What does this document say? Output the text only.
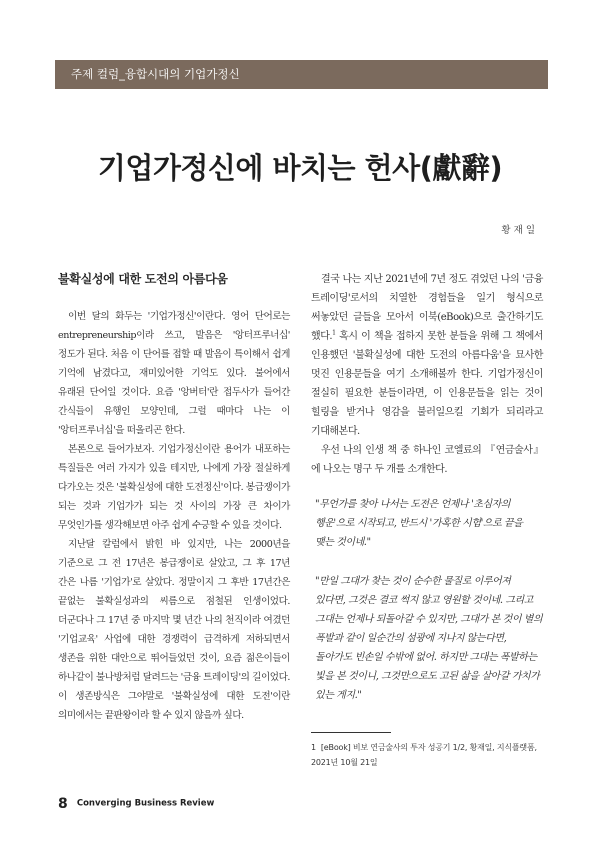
주제 컬럼_융합시대의 기업가정신
기업가정신에 바치는 헌사(獻辭)
황 재 일
불확실성에 대한 도전의 아름다움

이번 달의 화두는 '기업가정신'이란다. 영어 단어로는 entrepreneurship이라 쓰고, 발음은 '앙터프루너십' 정도가 된다. 처음 이 단어를 접할 때 발음이 특이해서 쉽게 기억에 남겼다고, 재미있어한 기억도 있다. 불어에서 유래된 단어일 것이다. 요즘 '앙버터'란 접두사가 들어간 간식들이 유행인 모양인데, 그럴 때마다 나는 이 '앙터프루너십'을 떠올리곤 한다.

본론으로 들어가보자. 기업가정신이란 용어가 내포하는 특질들은 여러 가지가 있을 테지만, 나에게 가장 절실하게 다가오는 것은 '불확실성에 대한 도전정신'이다. 봉급쟁이가 되는 것과 기업가가 되는 것 사이의 가장 큰 차이가 무엇인가를 생각해보면 아주 쉽게 수긍할 수 있을 것이다.

지난달 칼럼에서 밝힌 바 있지만, 나는 2000년을 기준으로 그 전 17년은 봉급쟁이로 살았고, 그 후 17년 간은 나름 '기업가'로 살았다. 정말이지 그 후반 17년간은 끝없는 불확실성과의 씨름으로 점철된 인생이었다. 더군다나 그 17년 중 마지막 몇 년간 나의 천직이라 여겼던 '기업교육' 사업에 대한 경쟁력이 급격하게 저하되면서 생존을 위한 대안으로 뛰어들었던 것이, 요즘 젊은이들이 하나같이 불나방처럼 달려드는 '금융 트레이딩'의 길이었다. 이 생존방식은 그야말로 '불확실성에 대한 도전'이란 의미에서는 끝판왕이라 할 수 있지 않을까 싶다.

결국 나는 지난 2021년에 7년 정도 겪었던 나의 '금융 트레이딩'로서의 치열한 경험들을 일기 형식으로 써놓았던 글들을 모아서 이북(eBook)으로 출간하기도 했다.$^1$ 혹시 이 책을 접하지 못한 분들을 위해 그 책에서 인용했던 '불확실성에 대한 도전의 아름다움'을 묘사한 멋진 인용문들을 여기 소개해볼까 한다. 기업가정신이 절실히 필요한 분들이라면, 이 인용문들을 읽는 것이 힐링을 받거나 영감을 불러일으킬 기회가 되리라고 기대해본다.

우선 나의 인생 책 중 하나인 코엘료의 『연금술사』에 나오는 명구 두 개를 소개한다.

"무언가를 찾아 나서는 도전은 언제나 '초심자의 행운'으로 시작되고, 반드시 '가혹한 시험'으로 끝을 맺는 것이네."

"만일 그대가 찾는 것이 순수한 물질로 이루어져 있다면, 그것은 결코 썩지 않고 영원할 것이네. 그리고 그대는 언제나 되돌아갈 수 있지만, 그대가 본 것이 별의 폭발과 같이 일순간의 섬광에 지나지 않는다면, 돌아가도 빈손일 수밖에 없어. 하지만 그대는 폭발하는 빛을 본 것이니, 그것만으로도 고된 삶을 살아갈 가치가 있는 게지."

1 [eBook] 비보 연금술사의 투자 성공기 1/2, 황재일, 지식플랫폼, 2021년 10월 21일
8 Converging Business Review
